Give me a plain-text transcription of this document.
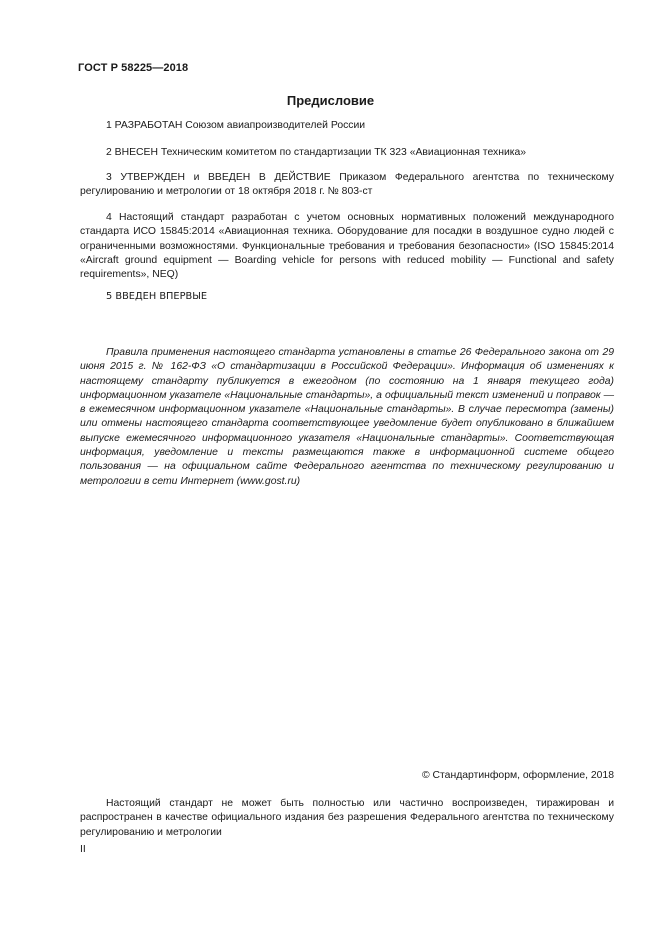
ГОСТ Р 58225—2018
Предисловие

1 РАЗРАБОТАН Союзом авиапроизводителей России

2 ВНЕСЕН Техническим комитетом по стандартизации ТК 323 «Авиационная техника»

3 УТВЕРЖДЕН и ВВЕДЕН В ДЕЙСТВИЕ Приказом Федерального агентства по техническому регулированию и метрологии от 18 октября 2018 г. № 803-ст

4 Настоящий стандарт разработан с учетом основных нормативных положений международного стандарта ИСО 15845:2014 «Авиационная техника. Оборудование для посадки в воздушное судно людей с ограниченными возможностями. Функциональные требования и требования безопасности» (ISO 15845:2014 «Aircraft ground equipment — Boarding vehicle for persons with reduced mobility — Functional and safety requirements», NEQ)

5 ВВЕДЕН ВПЕРВЫЕ

Правила применения настоящего стандарта установлены в статье 26 Федерального закона от 29 июня 2015 г. № 162-ФЗ «О стандартизации в Российской Федерации». Информация об изменениях к настоящему стандарту публикуется в ежегодном (по состоянию на 1 января текущего года) информационном указателе «Национальные стандарты», а официальный текст изменений и поправок — в ежемесячном информационном указателе «Национальные стандарты». В случае пересмотра (замены) или отмены настоящего стандарта соответствующее уведомление будет опубликовано в ближайшем выпуске ежемесячного информационного указателя «Национальные стандарты». Соответствующая информация, уведомление и тексты размещаются также в информационной системе общего пользования — на официальном сайте Федерального агентства по техническому регулированию и метрологии в сети Интернет (www.gost.ru)

© Стандартинформ, оформление, 2018

Настоящий стандарт не может быть полностью или частично воспроизведен, тиражирован и распространен в качестве официального издания без разрешения Федерального агентства по техническому регулированию и метрологии

II
